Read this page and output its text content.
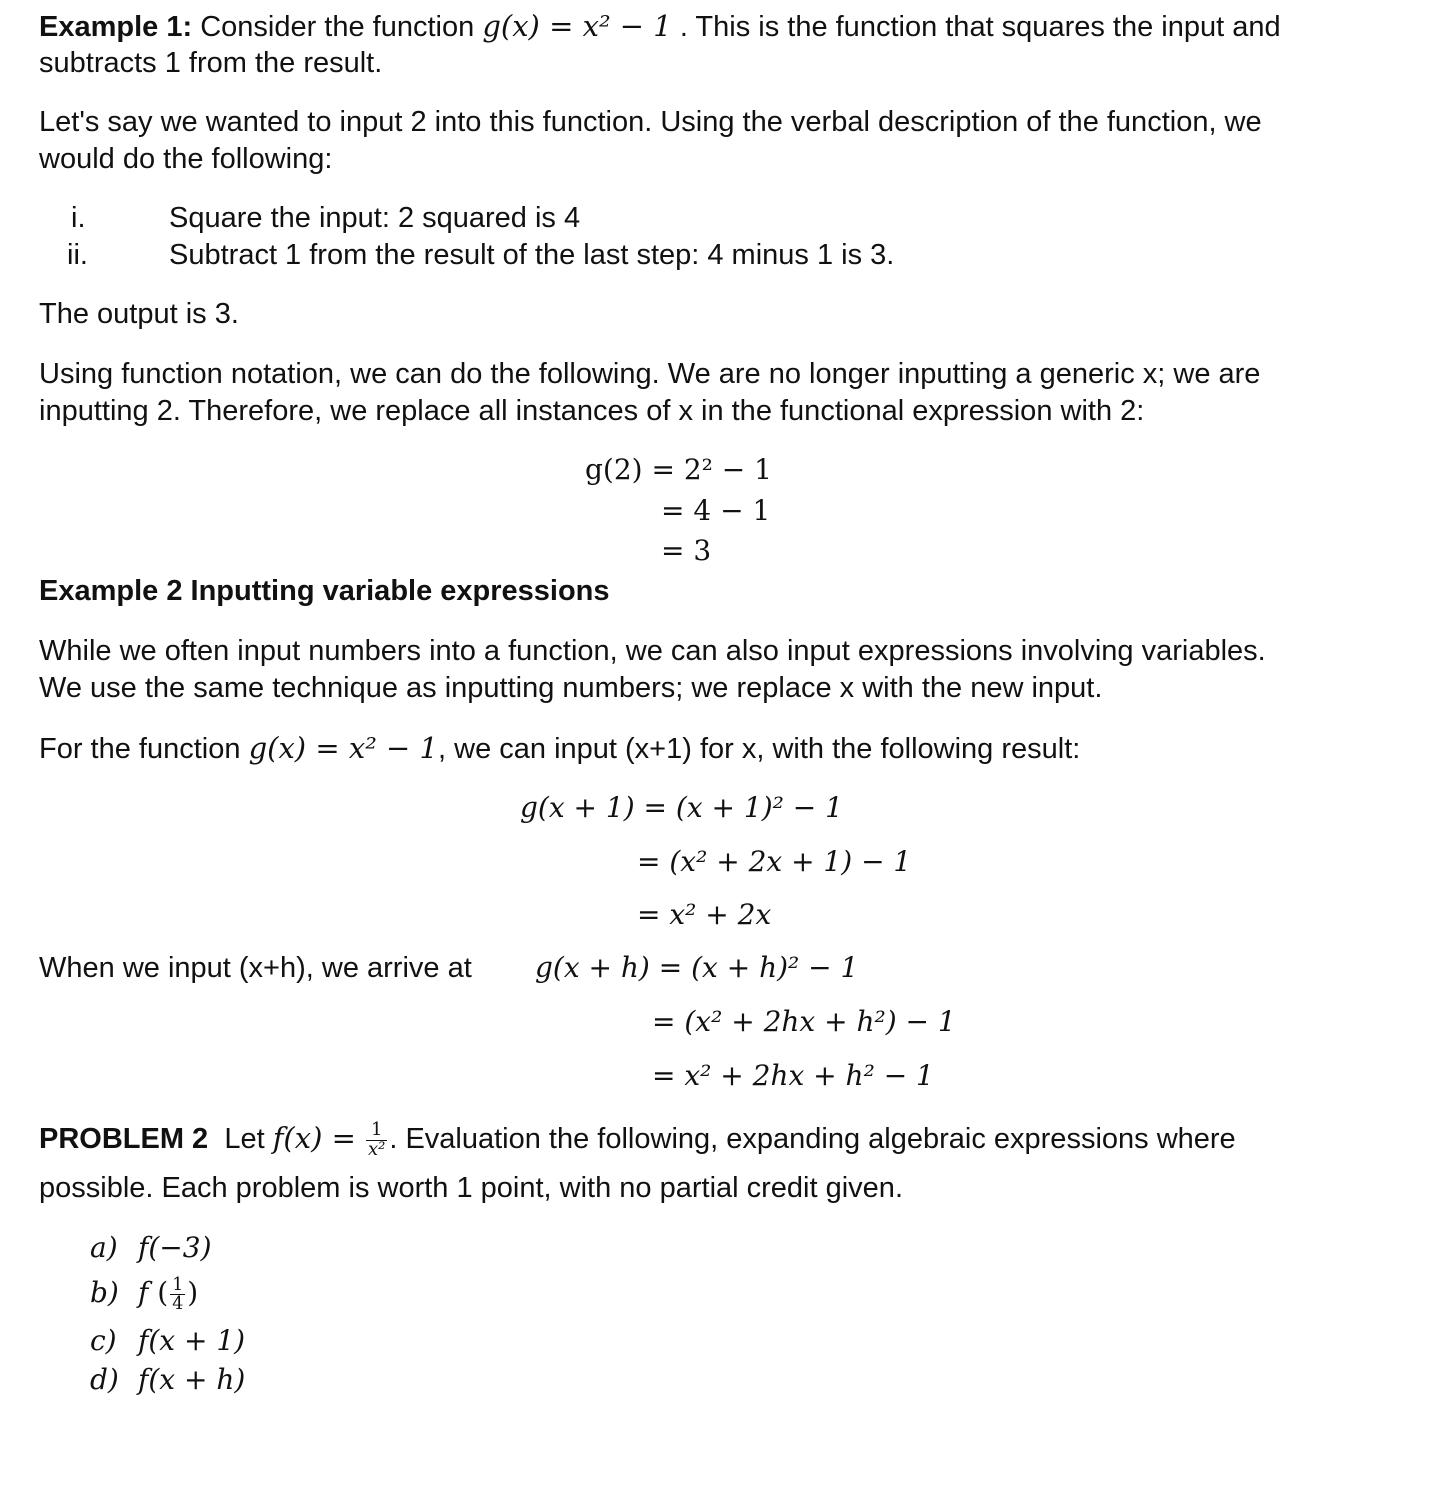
Example 1: Consider the function g(x) = x² − 1 . This is the function that squares the input and
subtracts 1 from the result.
Let's say we wanted to input 2 into this function. Using the verbal description of the function, we
would do the following:
i.	Square the input: 2 squared is 4
ii.	Subtract 1 from the result of the last step: 4 minus 1 is 3.
The output is 3.
Using function notation, we can do the following. We are no longer inputting a generic x; we are
inputting 2. Therefore, we replace all instances of x in the functional expression with 2:
g(2) = 2² − 1
= 4 − 1
= 3
Example 2 Inputting variable expressions
While we often input numbers into a function, we can also input expressions involving variables.
We use the same technique as inputting numbers; we replace x with the new input.
For the function g(x) = x² − 1, we can input (x+1) for x, with the following result:
g(x + 1) = (x + 1)² − 1
= (x² + 2x + 1) − 1
= x² + 2x
When we input (x+h), we arrive at g(x + h) = (x + h)² − 1
= (x² + 2hx + h²) − 1
= x² + 2hx + h² − 1
PROBLEM 2 Let $f(x) = \frac{1}{\text{x²}}$ . Evaluation the following, expanding algebraic expressions where
possible. Each problem is worth 1 point, with no partial credit given.
a) f(−3)
b) f ( $\frac{1}{4}$ )
c) f(x + 1)
d) f(x + h)
